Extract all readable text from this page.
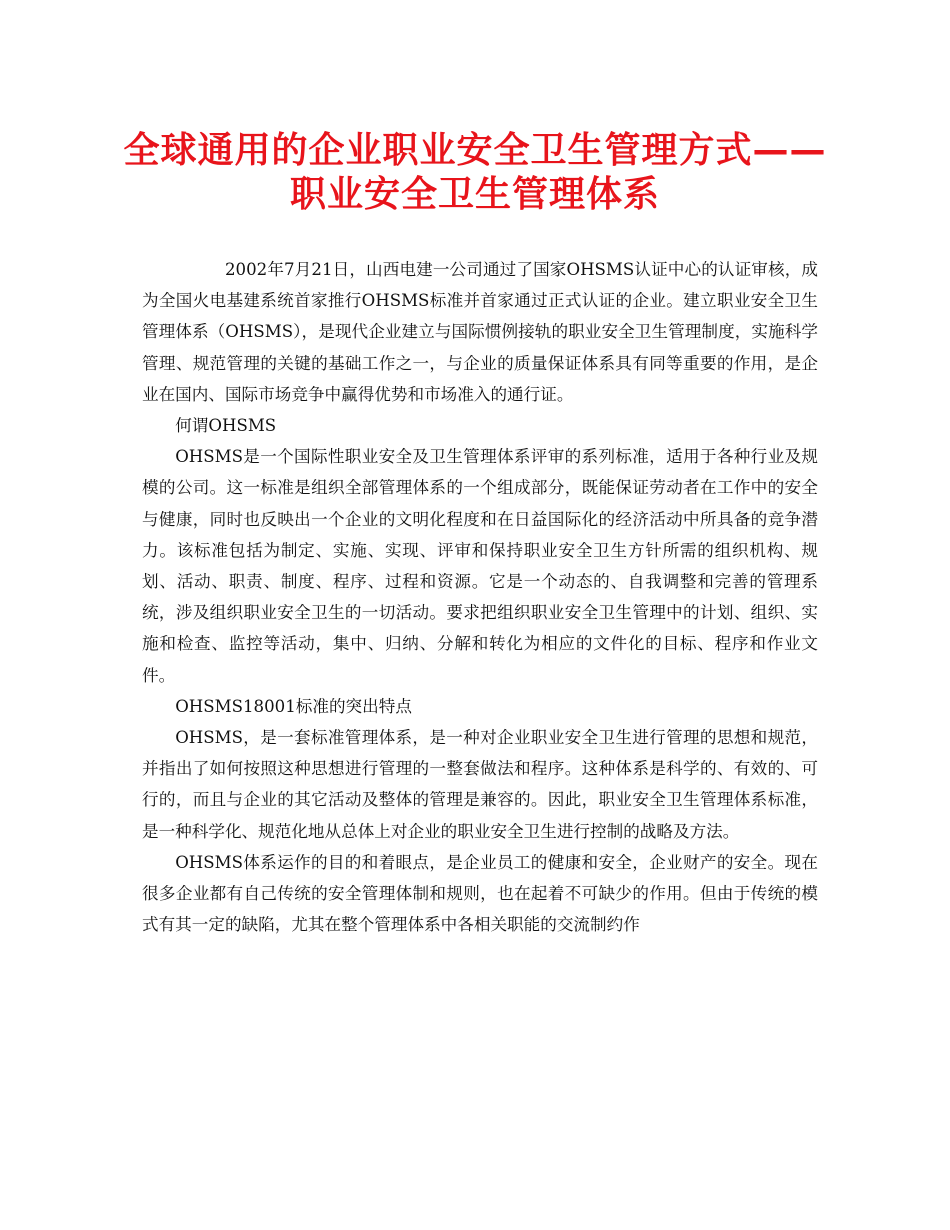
全球通用的企业职业安全卫生管理方式——
职业安全卫生管理体系

2002年7月21日，山西电建一公司通过了国家OHSMS认证中心的认证审核，成为全国火电基建系统首家推行OHSMS标准并首家通过正式认证的企业。建立职业安全卫生管理体系（OHSMS），是现代企业建立与国际惯例接轨的职业安全卫生管理制度，实施科学管理、规范管理的关键的基础工作之一，与企业的质量保证体系具有同等重要的作用，是企业在国内、国际市场竞争中赢得优势和市场准入的通行证。

何谓OHSMS

OHSMS是一个国际性职业安全及卫生管理体系评审的系列标准，适用于各种行业及规模的公司。这一标准是组织全部管理体系的一个组成部分，既能保证劳动者在工作中的安全与健康，同时也反映出一个企业的文明化程度和在日益国际化的经济活动中所具备的竞争潜力。该标准包括为制定、实施、实现、评审和保持职业安全卫生方针所需的组织机构、规划、活动、职责、制度、程序、过程和资源。它是一个动态的、自我调整和完善的管理系统，涉及组织职业安全卫生的一切活动。要求把组织职业安全卫生管理中的计划、组织、实施和检查、监控等活动，集中、归纳、分解和转化为相应的文件化的目标、程序和作业文件。

OHSMS18001标准的突出特点

OHSMS，是一套标准管理体系，是一种对企业职业安全卫生进行管理的思想和规范，并指出了如何按照这种思想进行管理的一整套做法和程序。这种体系是科学的、有效的、可行的，而且与企业的其它活动及整体的管理是兼容的。因此，职业安全卫生管理体系标准，是一种科学化、规范化地从总体上对企业的职业安全卫生进行控制的战略及方法。

OHSMS体系运作的目的和着眼点，是企业员工的健康和安全，企业财产的安全。现在很多企业都有自己传统的安全管理体制和规则，也在起着不可缺少的作用。但由于传统的模式有其一定的缺陷，尤其在整个管理体系中各相关职能的交流制约作
